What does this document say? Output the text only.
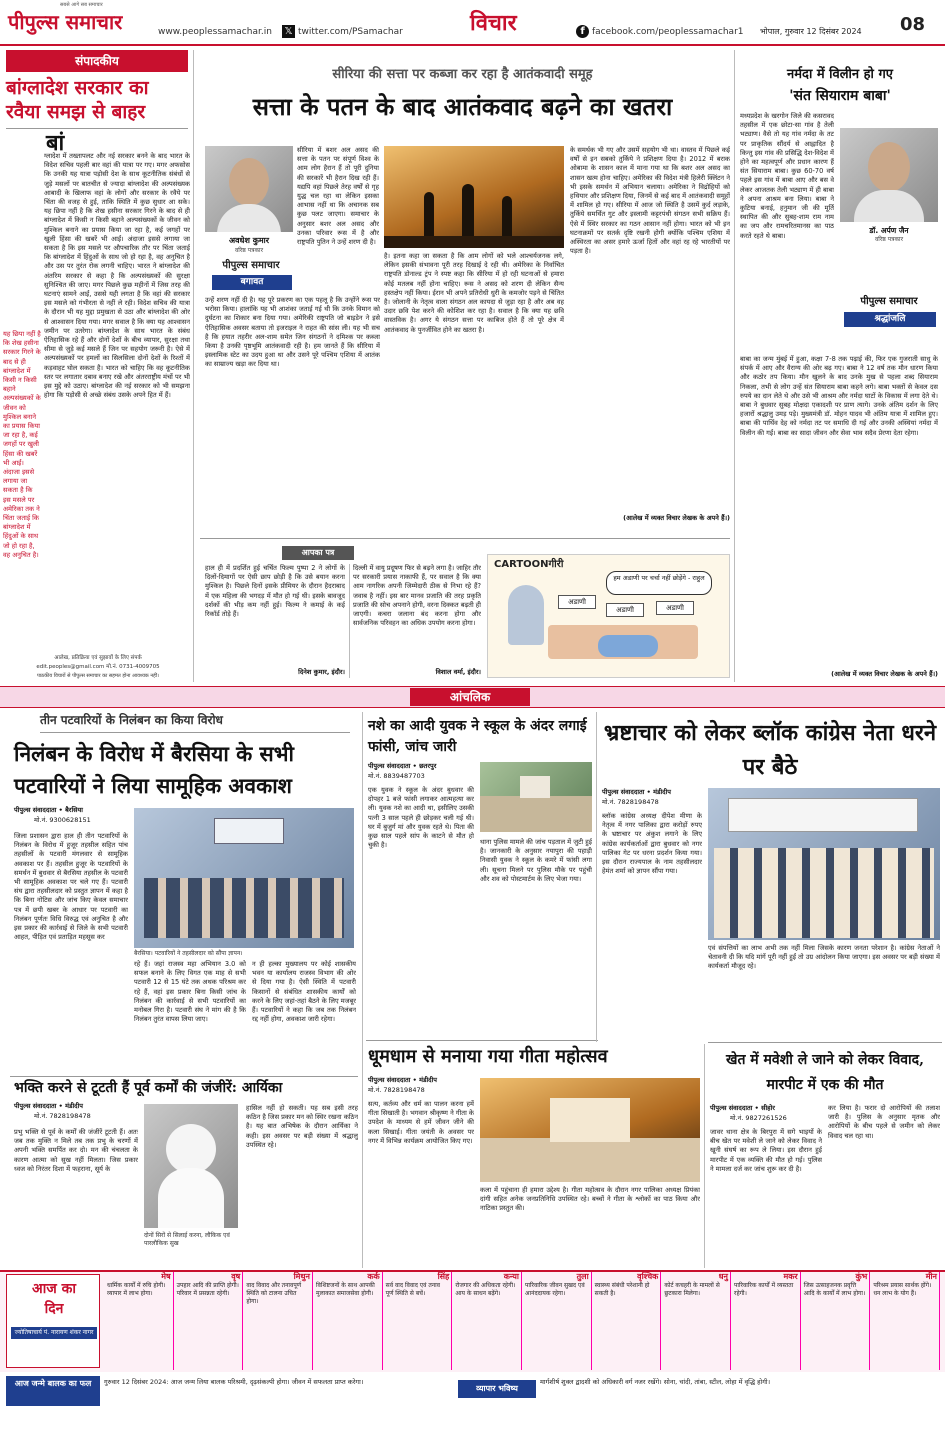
पीपुल्स समाचार
सबसे आगे सब समाचार
www.peoplessamachar.in 𝕏 twitter.com/PSamachar	विचार	f facebook.com/peoplessamachar1 भोपाल, गुरुवार 12 दिसंबर 2024 08
संपादकीय
बांग्लादेश सरकार का रवैया समझ से बाहर
बां
ग्लादेश में तख्तापलट और नई सरकार बनने के बाद भारत के विदेश सचिव पहली बार वहां की यात्रा पर गए। मगर अफसोस कि उनकी यह यात्रा पड़ोसी देश के साथ कूटनीतिक संबंधों से जुड़े मसलों पर बातचीत से ज्यादा बांग्लादेश की अल्पसंख्यक आबादी के खिलाफ वहां के लोगों और सरकार के रवैये पर चिंता की वजह से हुई, ताकि स्थिति में कुछ सुधार आ सके। यह छिपा नहीं है कि शेख हसीना सरकार गिरने के बाद से ही बांग्लादेश में किसी न किसी बहाने अल्पसंख्यकों के जीवन को मुश्किल बनाने का प्रयास किया जा रहा है, कई जगहों पर खुली हिंसा की खबरें भी आईं। अंदाजा इससे लगाया जा सकता है कि इस मसले पर औपचारिक तौर पर चिंता जताई कि बांग्लादेश में हिंदुओं के साथ जो हो रहा है, वह अनुचित है और उस पर तुरंत रोक लगनी चाहिए। भारत ने बांग्लादेश की अंतरिम सरकार से कहा है कि अल्पसंख्यकों की सुरक्षा सुनिश्चित की जाए। मगर पिछले कुछ महीनों में जिस तरह की घटनाएं सामने आईं, उससे यही लगता है कि वहां की सरकार इस मसले को गंभीरता से नहीं ले रही। विदेश सचिव की यात्रा के दौरान भी यह मुद्दा प्रमुखता से उठा और बांग्लादेश की ओर से आश्वासन दिया गया। मगर सवाल है कि क्या यह आश्वासन जमीन पर उतरेगा। बांग्लादेश के साथ भारत के संबंध ऐतिहासिक रहे हैं और दोनों देशों के बीच व्यापार, सुरक्षा तथा सीमा से जुड़े कई मसले हैं जिन पर सहयोग जरूरी है। ऐसे में अल्पसंख्यकों पर हमलों का सिलसिला दोनों देशों के रिश्तों में कड़वाहट घोल सकता है। भारत को चाहिए कि वह कूटनीतिक स्तर पर लगातार दबाव बनाए रखे और अंतरराष्ट्रीय मंचों पर भी इस मुद्दे को उठाए। बांग्लादेश की नई सरकार को भी समझना होगा कि पड़ोसी से अच्छे संबंध उसके अपने हित में हैं।
यह छिपा नहीं है कि शेख हसीना सरकार गिरने के बाद से ही बांग्लादेश में किसी न किसी बहाने अल्पसंख्यकों के जीवन को मुश्किल बनाने का प्रयास किया जा रहा है, कई जगहों पर खुली हिंसा की खबरें भी आईं। अंदाजा इससे लगाया जा सकता है कि इस मसले पर अमेरिका तक ने चिंता जताई कि बांग्लादेश में हिंदुओं के साथ जो हो रहा है, वह अनुचित है।
आलेख, प्रतिक्रिया एवं सुझावों के लिए संपर्क
edit.peoples@gmail.com मो.नं. 0731-4009705
पाठकीय विचारों से पीपुल्स समाचार का सहमत होना आवश्यक नहीं।
सीरिया की सत्ता पर कब्जा कर रहा है आतंकवादी समूह
सत्ता के पतन के बाद आतंकवाद बढ़ने का खतरा
अवधेश कुमार
वरिष्ठ पत्रकार
पीपुल्स समाचार
बगावत
सीरिया में बशर अल असद की सत्ता के पतन पर संपूर्ण विश्व के आम लोग हैरान हैं तो पूरी दुनिया की सरकारें भी हैरान दिख रही हैं। यद्यपि वहां पिछले तेरह वर्षों से गृह युद्ध चल रहा था लेकिन इसका आभास नहीं था कि अचानक सब कुछ पलट जाएगा। समाचार के अनुसार बशर अल असद और उनका परिवार रूस में है और राष्ट्रपति पुतिन ने उन्हें शरण दी है।
उन्हें शरण नहीं दी है। यह पूरे प्रकरण का एक पहलू है कि उन्होंने रूस पर भरोसा किया। हालांकि यह भी आशंका जताई गई थी कि उनके विमान को दुर्घटना का शिकार बना दिया गया। अमेरिकी राष्ट्रपति जो बाइडेन ने इसे ऐतिहासिक अवसर बताया तो इजराइल ने राहत की सांस ली। यह भी सच है कि हयात तहरीर अल-शाम समेत जिन संगठनों ने दमिश्क पर कब्जा किया है उनकी पृष्ठभूमि आतंकवादी रही है। हम जानते हैं कि सीरिया में इस्लामिक स्टेट का उदय हुआ था और उसने पूरे पश्चिम एशिया में आतंक का साम्राज्य खड़ा कर दिया था।
है। इतना कहा जा सकता है कि आम लोगों को भले आश्चर्यजनक लगे, लेकिन इसकी संभावना पूरी तरह दिखाई दे रही थी। अमेरिका के निर्वाचित राष्ट्रपति डोनाल्ड ट्रंप ने स्पष्ट कहा कि सीरिया में हो रही घटनाओं से हमारा कोई मतलब नहीं होना चाहिए। रूस ने असद को शरण दी लेकिन सैन्य हस्तक्षेप नहीं किया। ईरान भी अपने प्रतिरोधी धुरी के कमजोर पड़ने से चिंतित है। जोलानी के नेतृत्व वाला संगठन अल कायदा से जुड़ा रहा है और अब वह उदार छवि पेश करने की कोशिश कर रहा है। सवाल है कि क्या यह छवि वास्तविक है। अगर ये संगठन सत्ता पर काबिज होते हैं तो पूरे क्षेत्र में आतंकवाद के पुनर्जीवित होने का खतरा है।
के समर्थक भी गए और उसमें सहयोग भी था। वास्तव में पिछले कई वर्षों से इन सबको तुर्किये ने प्रशिक्षण दिया है। 2012 में बराक ओबामा के शासन काल में माना गया था कि बशर अल असद का शासन खत्म होना चाहिए। अमेरिका की विदेश मंत्री हिलेरी क्लिंटन ने भी इसके समर्थन में अभियान चलाया। अमेरिका ने विद्रोहियों को हथियार और प्रशिक्षण दिया, जिनमें से कई बाद में आतंकवादी समूहों में शामिल हो गए। सीरिया में आज जो स्थिति है उसमें कुर्द लड़ाके, तुर्किये समर्थित गुट और इस्लामी कट्टरपंथी संगठन सभी सक्रिय हैं। ऐसे में स्थिर सरकार का गठन आसान नहीं होगा। भारत को भी इन घटनाक्रमों पर सतर्क दृष्टि रखनी होगी क्योंकि पश्चिम एशिया में अस्थिरता का असर हमारे ऊर्जा हितों और वहां रह रहे भारतीयों पर पड़ता है।
(आलेख में व्यक्त विचार लेखक के अपने हैं।)
आपका पत्र
हाल ही में प्रदर्शित हुई चर्चित फिल्म पुष्पा 2 ने लोगों के दिलों-दिमागों पर ऐसी छाप छोड़ी है कि उसे बयान करना मुश्किल है। पिछले दिनों इसके प्रीमियर के दौरान हैदराबाद में एक महिला की भगदड़ में मौत हो गई थी। इसके बावजूद दर्शकों की भीड़ कम नहीं हुई। फिल्म ने कमाई के कई रिकॉर्ड तोड़े हैं।
दिनेश कुमार, इंदौर।
दिल्ली में वायु प्रदूषण फिर से बढ़ने लगा है। जाहिर तौर पर सरकारी प्रयास नाकाफी हैं, पर सवाल है कि क्या आम नागरिक अपनी जिम्मेदारी ठीक से निभा रहे हैं? जवाब है नहीं। इस बार मानव प्रजाति की तरह प्रकृति प्रजाति की सोच अपनाने होगी, वरना दिक्कत बढ़ती ही जाएगी। कचरा जलाना बंद करना होगा और सार्वजनिक परिवहन का अधिक उपयोग करना होगा।
विशाल वर्मा, इंदौर।
CARTOONगीरी
हम अडाणी पर चर्चा नहीं छोड़ेंगे - राहुल
अडाणी
अडाणी	अडाणी
नर्मदा में विलीन हो गए
'संत सियाराम बाबा'
मध्यप्रदेश के खरगोन जिले की कसरावद तहसील में एक छोटा-सा गांव है तेली भट्याण। वैसे तो यह गांव नर्मदा के तट पर प्राकृतिक सौंदर्य से आह्लादित है किन्तु इस गांव की प्रसिद्धि देश-विदेश में होने का महत्वपूर्ण और प्रधान कारण हैं संत सियाराम बाबा। कुछ 60-70 वर्ष पहले इस गांव में बाबा आए और बस वे लेकर आजतक तेली भट्याण में ही बाबा ने अपना आश्रम बना लिया। बाबा ने कुटिया बनाई, हनुमान जी की मूर्ति स्थापित की और सुबह-शाम राम नाम का जप और रामचरितमानस का पाठ करते रहते थे बाबा।
डॉ. अर्पण जैन
वरिष्ठ पत्रकार
पीपुल्स समाचार
श्रद्धांजलि
बाबा का जन्म मुंबई में हुआ, कक्षा 7-8 तक पढ़ाई की, फिर एक गुजराती साधु के संपर्क में आए और वैराग्य की ओर बढ़ गए। बाबा ने 12 वर्ष तक मौन धारण किया और कठोर तप किया। मौन खुलने के बाद उनके मुख से पहला शब्द सियाराम निकला, तभी से लोग उन्हें संत सियाराम बाबा कहने लगे। बाबा भक्तों से केवल दस रुपये का दान लेते थे और उसे भी आश्रम और नर्मदा घाटों के विकास में लगा देते थे। बाबा ने बुधवार सुबह मोक्षदा एकादशी पर प्राण त्यागे। उनके अंतिम दर्शन के लिए हजारों श्रद्धालु उमड़ पड़े। मुख्यमंत्री डॉ. मोहन यादव भी अंतिम यात्रा में शामिल हुए। बाबा की पार्थिव देह को नर्मदा तट पर समाधि दी गई और उनकी अस्थियां नर्मदा में विलीन की गईं। बाबा का सादा जीवन और सेवा भाव सदैव प्रेरणा देता रहेगा।
(आलेख में व्यक्त विचार लेखक के अपने हैं।)
आंचलिक
तीन पटवारियों के निलंबन का किया विरोध
निलंबन के विरोध में बैरसिया के सभी पटवारियों ने लिया सामूहिक अवकाश
पीपुल्स संवाददाता • बैरसिया
मो.नं. 9300628151
जिला प्रशासन द्वारा हाल ही तीन पटवारियों के निलंबन के विरोध में हुजूर तहसील सहित पांच तहसीलों के पटवारी मंगलवार से सामूहिक अवकाश पर हैं। तहसील हुजूर के पटवारियों के समर्थन में बुधवार से बैरसिया तहसील के पटवारी भी सामूहिक अवकाश पर चले गए हैं। पटवारी संघ द्वारा तहसीलदार को प्रस्तुत ज्ञापन में कहा है कि बिना नोटिस और जांच किए केवल समाचार पत्र में छपी खबर के आधार पर पटवारी का निलंबन पूर्णतः विधि विरुद्ध एवं अनुचित है और इस प्रकार की कार्रवाई से जिले के सभी पटवारी आहत, पीड़ित एवं प्रताड़ित महसूस कर
बैरसिया। पटवारियों ने तहसीलदार को सौंपा ज्ञापन।
रहे हैं। जहां राजस्व महा अभियान 3.0 को सफल बनाने के लिए विगत एक माह से सभी पटवारी 12 से 15 घंटे तक अथक परिश्रम कर रहे हैं, वहां इस प्रकार बिना किसी जांच के निलंबन की कार्रवाई से सभी पटवारियों का मनोबल गिरा है। पटवारी संघ ने मांग की है कि निलंबन तुरंत वापस लिया जाए।
न ही हल्का मुख्यालय पर कोई शासकीय भवन या कार्यालय राजस्व विभाग की ओर से दिया गया है। ऐसी स्थिति में पटवारी किसानों से संबंधित शासकीय कार्यों को करने के लिए जहां-तहां बैठने के लिए मजबूर हैं। पटवारियों ने कहा कि जब तक निलंबन रद्द नहीं होगा, अवकाश जारी रहेगा।
भक्ति करने से टूटती हैं पूर्व कर्मों की जंजीरें: आर्यिका
पीपुल्स संवाददाता • मंडीदीप
मो.नं. 7828198478
प्रभु भक्ति से पूर्व के कर्मों की जंजीरें टूटती हैं। अतः जब तक मुक्ति न मिले तब तक प्रभु के चरणों में अपनी भक्ति समर्पित कर दो। मन की चंचलता के कारण आत्मा को सुख नहीं मिलता। जिस प्रकार ध्वज को निरंतर दिशा में फहराना, सूर्य के
दोनों सिरों से सिलाई करना, लौकिक एवं पारलौकिक सुख
हासिल नहीं हो सकती। यह सब इसी तरह कठिन है जिस प्रकार मन को स्थिर रखना कठिन है। यह बात अभिषेक के दौरान आर्यिका ने कही। इस अवसर पर बड़ी संख्या में श्रद्धालु उपस्थित रहे।
नशे का आदी युवक ने स्कूल के अंदर लगाई फांसी, जांच जारी
पीपुल्स संवाददाता • छतरपुर
मो.नं. 8839487703
एक युवक ने स्कूल के अंदर बुधवार की दोपहर 1 बजे फांसी लगाकर आत्महत्या कर ली। युवक नशे का आदी था, इसीलिए उसकी पत्नी 3 साल पहले ही छोड़कर चली गई थी। घर में बुजुर्ग मां और युवक रहते थे। पिता की कुछ साल पहले सांप के काटने से मौत हो चुकी है।	थाना पुलिस मामले की जांच पड़ताल में जुटी हुई है। जानकारी के अनुसार नयापुरा की पहाड़ी निवासी युवक ने स्कूल के कमरे में फांसी लगा ली। सूचना मिलने पर पुलिस मौके पर पहुंची और शव को पोस्टमार्टम के लिए भेजा गया।
धूमधाम से मनाया गया गीता महोत्सव
पीपुल्स संवाददाता • मंडीदीप
मो.नं. 7828198478
सत्य, कर्तव्य और धर्म का पालन करना हमें गीता सिखाती है। भगवान श्रीकृष्ण ने गीता के उपदेश के माध्यम से हमें जीवन जीने की कला सिखाई। गीता जयंती के अवसर पर नगर में विभिन्न कार्यक्रम आयोजित किए गए।
कला में पहुंचाना ही हमारा उद्देश्य है। गीता महोत्सव के दौरान नगर पालिका अध्यक्ष प्रियंका दांगी सहित अनेक जनप्रतिनिधि उपस्थित रहे। बच्चों ने गीता के श्लोकों का पाठ किया और नाटिका प्रस्तुत की।
भ्रष्टाचार को लेकर ब्लॉक कांग्रेस नेता धरने पर बैठे
पीपुल्स संवाददाता • मंडीदीप
मो.नं. 7828198478
ब्लॉक कांग्रेस अध्यक्ष दीपेश मीणा के नेतृत्व में नगर पालिका द्वारा करोड़ों रुपए के भ्रष्टाचार पर अंकुश लगाने के लिए कांग्रेस कार्यकर्ताओं द्वारा बुधवार को नगर पालिका गेट पर धरना प्रदर्शन किया गया। इस दौरान राज्यपाल के नाम तहसीलदार हेमंत शर्मा को ज्ञापन सौंपा गया।
एवं संपत्तियों का लाभ अभी तक नहीं मिला जिसके कारण जनता परेशान है। कांग्रेस नेताओं ने चेतावनी दी कि यदि मांगें पूरी नहीं हुईं तो उग्र आंदोलन किया जाएगा। इस अवसर पर बड़ी संख्या में कार्यकर्ता मौजूद रहे।
खेत में मवेशी ले जाने को लेकर विवाद, मारपीट में एक की मौत
पीपुल्स संवाददाता • सीहोर
मो.नं. 9827261526
जावर थाना क्षेत्र के बिरपुरा में सगे भाइयों के बीच खेत पर मवेशी ले जाने को लेकर विवाद ने खूनी संघर्ष का रूप ले लिया। इस दौरान हुई मारपीट में एक व्यक्ति की मौत हो गई। पुलिस ने मामला दर्ज कर जांच शुरू कर दी है।
कर लिया है। फरार दो आरोपियों की तलाश जारी है। पुलिस के अनुसार मृतक और आरोपियों के बीच पहले से जमीन को लेकर विवाद चल रहा था।
आज का
दिन
ज्योतिषाचार्य पं. नारायण शंकर नागर
मेष
धार्मिक कार्यों में रुचि होगी। व्यापार में लाभ होगा।
वृष
उपहार आदि की प्राप्ति होगी। परिवार में प्रसन्नता रहेगी।
मिथुन
वाद विवाद और तनावपूर्ण स्थिति को टालना उचित होगा।
कर्क
विशिष्टजनों के साथ आपकी मुलाकात समाजसेवा होगी।
सिंह
सर्व वाद विवाद एवं तनाव पूर्ण स्थिति से बचें।
कन्या
रोजगार की अधिकता रहेगी। आय के साधन बढ़ेंगे।
तुला
पारिवारिक जीवन सुखद एवं आनंददायक रहेगा।
वृश्चिक
स्वास्थ्य संबंधी परेशानी हो सकती है।
धनु
कोर्ट कचहरी के मामलों से छुटकारा मिलेगा।
मकर
पारिवारिक कार्यों में व्यस्तता रहेगी।
कुंभ
जिस उत्साहजनक प्रवृत्ति आदि के कार्यों में लाभ होगा।
मीन
परिश्रम प्रयास सार्थक होंगे। धन लाभ के योग हैं।
आज जन्मे बालक का फल	गुरुवार 12 दिसंबर 2024: आज जन्म लिया बालक परिश्रमी, दृढ़संकल्पी होगा। जीवन में सफलता प्राप्त करेगा।
व्यापार भविष्य
मार्गशीर्ष शुक्ल द्वादशी को अधिकारी वर्ग नजर रखेंगे। सोना, चांदी, तांबा, स्टील, लोहा में वृद्धि होगी।
